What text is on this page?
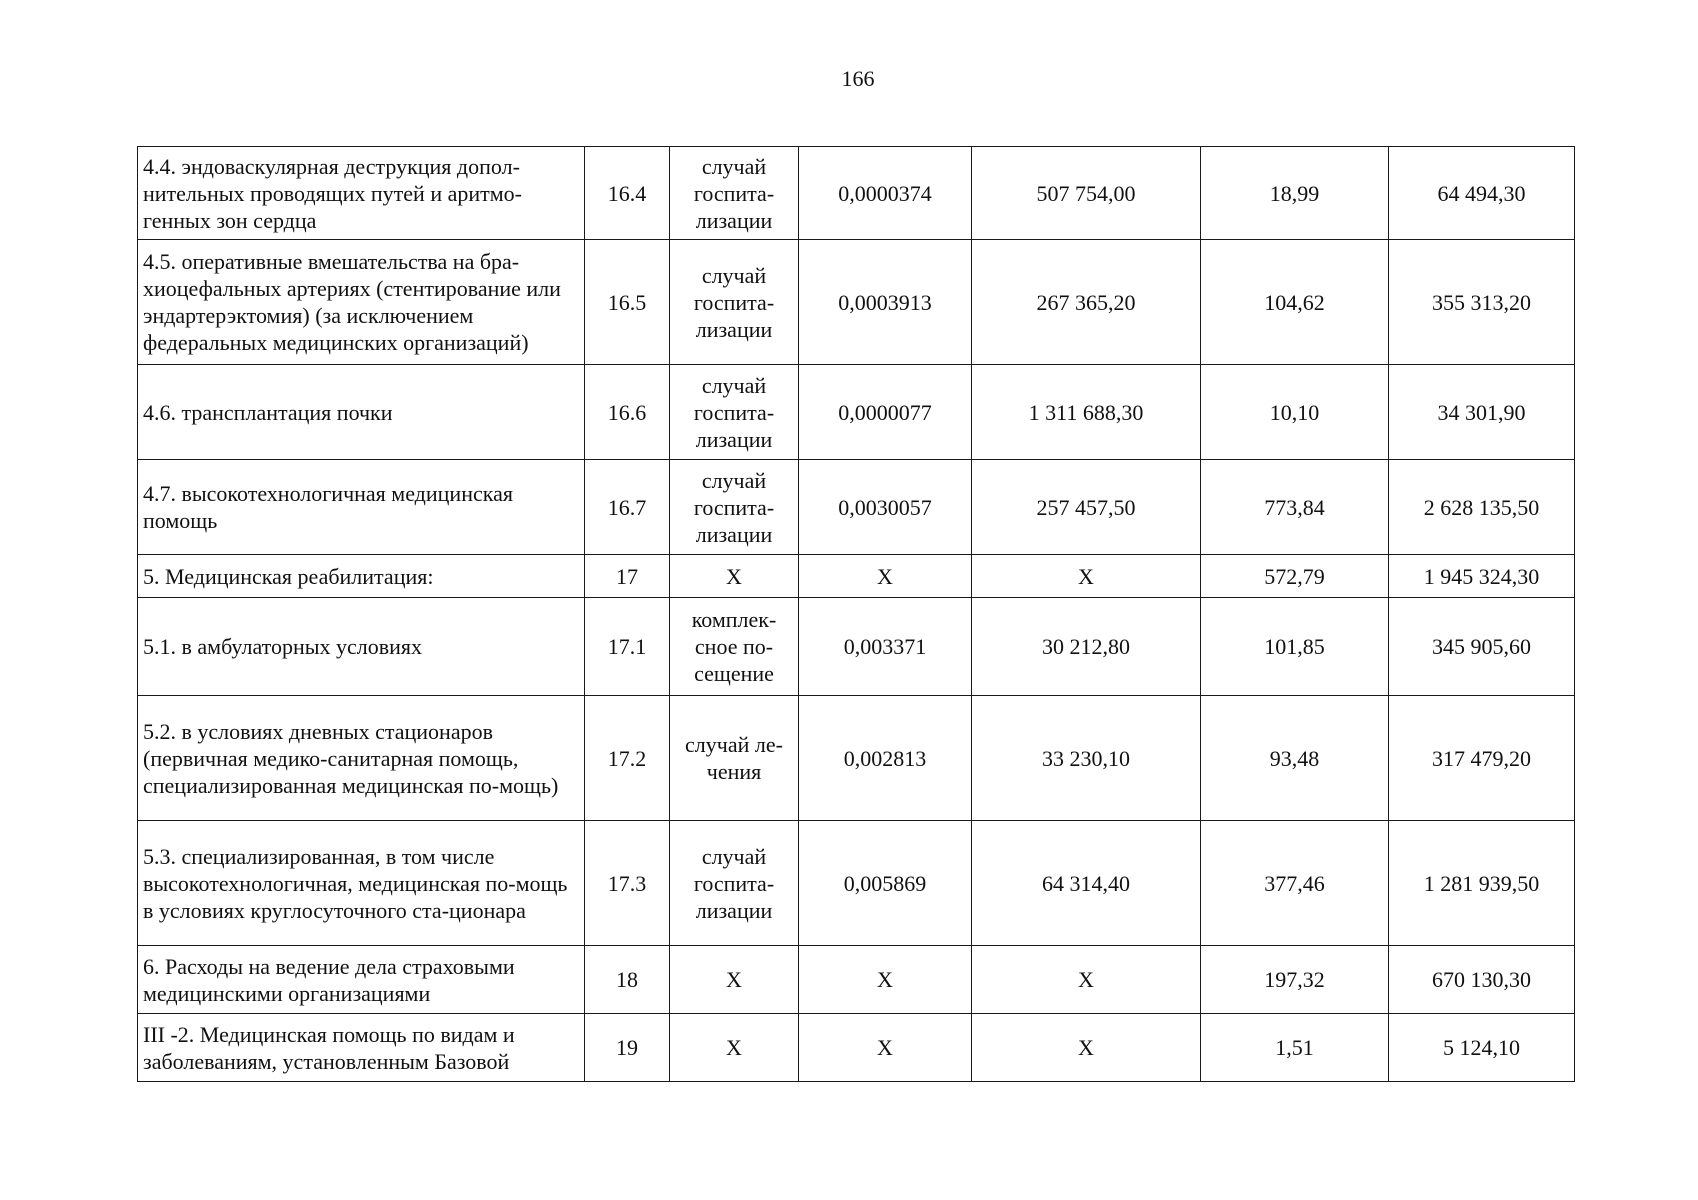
166
4.4. эндоваскулярная деструкция допол-нительных проводящих путей и аритмо-генных зон сердца	16.4	случай госпита-лизации	0,0000374	507 754,00	18,99	64 494,30
4.5. оперативные вмешательства на бра-хиоцефальных артериях (стентирование или эндартерэктомия) (за исключением федеральных медицинских организаций)	16.5	случай госпита-лизации	0,0003913	267 365,20	104,62	355 313,20
4.6. трансплантация почки	16.6	случай госпита-лизации	0,0000077	1 311 688,30	10,10	34 301,90
4.7. высокотехнологичная медицинская помощь	16.7	случай госпита-лизации	0,0030057	257 457,50	773,84	2 628 135,50
5. Медицинская реабилитация:	17	X	X	X	572,79	1 945 324,30
5.1. в амбулаторных условиях	17.1	комплек-сное по-сещение	0,003371	30 212,80	101,85	345 905,60
5.2. в условиях дневных стационаров (первичная медико-санитарная помощь, специализированная медицинская по-мощь)	17.2	случай ле-чения	0,002813	33 230,10	93,48	317 479,20
5.3. специализированная, в том числе высокотехнологичная, медицинская по-мощь в условиях круглосуточного ста-ционара	17.3	случай госпита-лизации	0,005869	64 314,40	377,46	1 281 939,50
6. Расходы на ведение дела страховыми медицинскими организациями	18	X	X	X	197,32	670 130,30
III -2. Медицинская помощь по видам и заболеваниям, установленным Базовой	19	X	X	X	1,51	5 124,10
